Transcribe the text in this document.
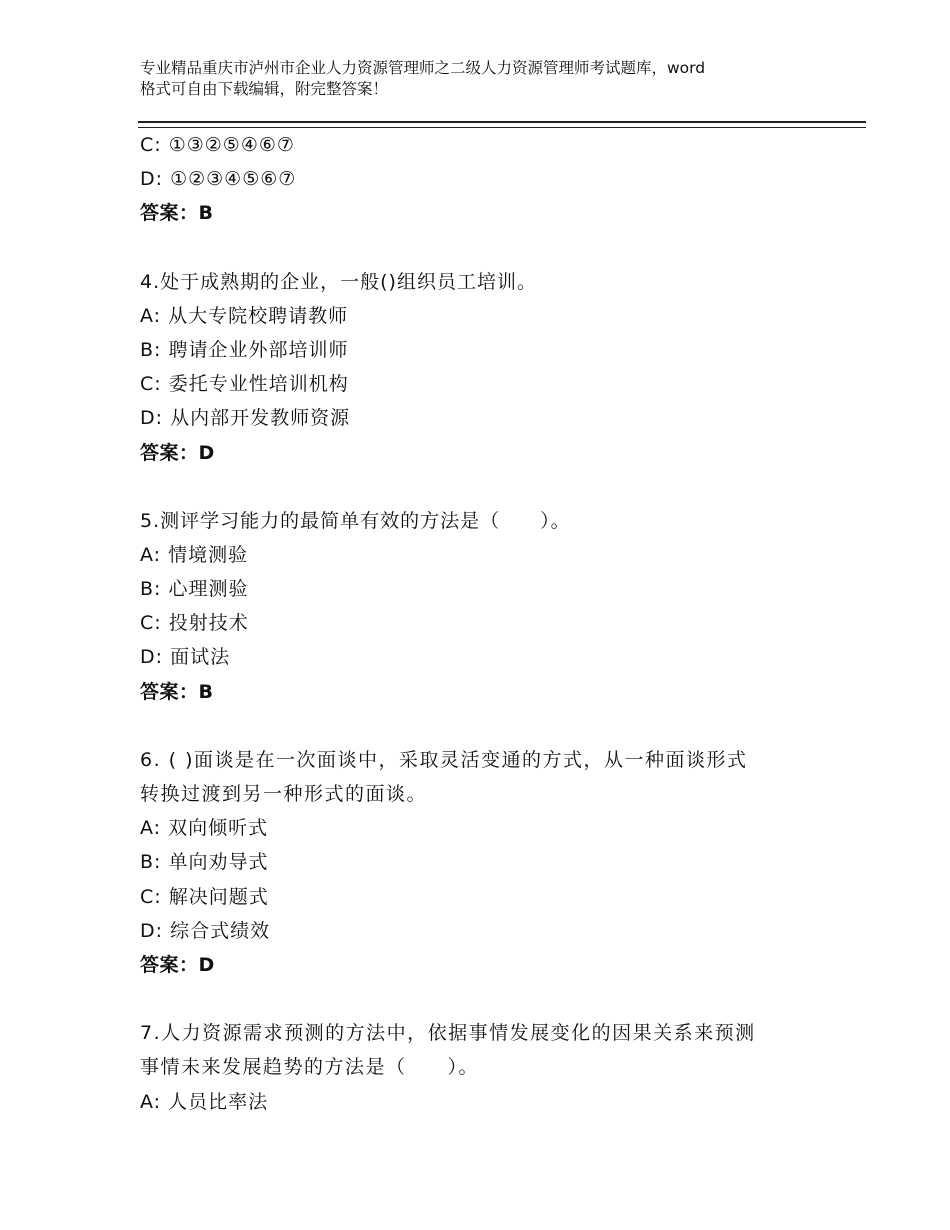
专业精品重庆市泸州市企业人力资源管理师之二级人力资源管理师考试题库，word
格式可自由下载编辑，附完整答案！
C: ①③②⑤④⑥⑦
D: ①②③④⑤⑥⑦
答案：B
4.处于成熟期的企业，一般()组织员工培训。
A: 从大专院校聘请教师
B: 聘请企业外部培训师
C: 委托专业性培训机构
D: 从内部开发教师资源
答案：D
5.测评学习能力的最简单有效的方法是（　　）。
A: 情境测验
B: 心理测验
C: 投射技术
D: 面试法
答案：B
6. ( )面谈是在一次面谈中，采取灵活变通的方式，从一种面谈形式
转换过渡到另一种形式的面谈。
A: 双向倾听式
B: 单向劝导式
C: 解决问题式
D: 综合式绩效
答案：D
7.人力资源需求预测的方法中，依据事情发展变化的因果关系来预测
事情未来发展趋势的方法是（　　）。
A: 人员比率法
